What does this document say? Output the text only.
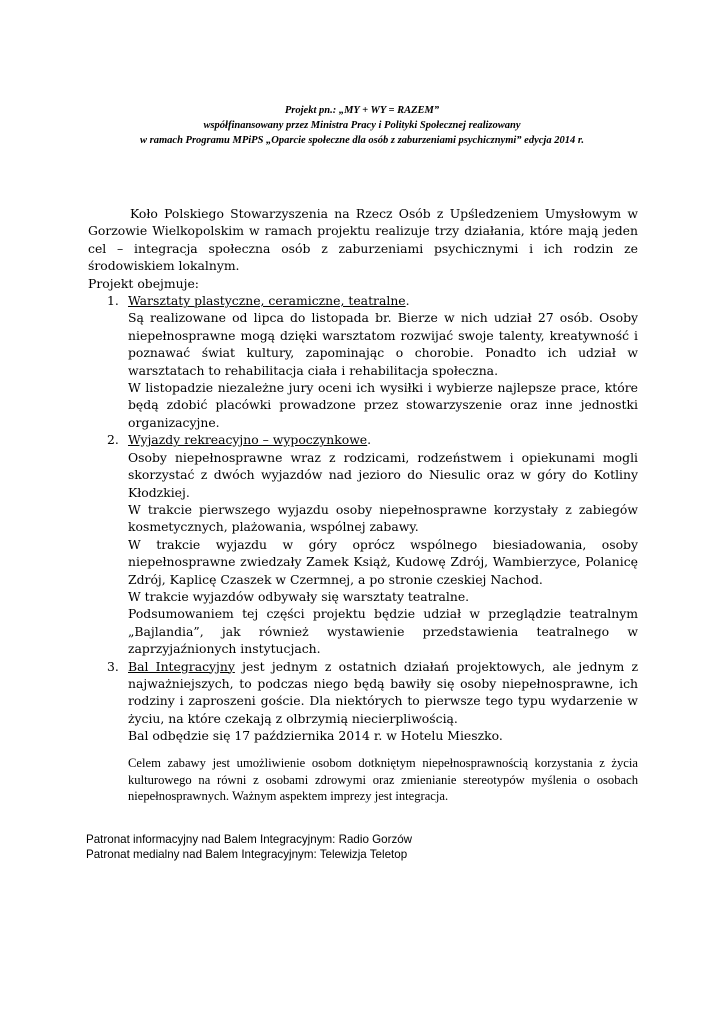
Projekt pn.: „MY + WY = RAZEM”
współfinansowany przez Ministra Pracy i Polityki Społecznej realizowany
w ramach Programu MPiPS „Oparcie społeczne dla osób z zaburzeniami psychicznymi” edycja 2014 r.

Koło Polskiego Stowarzyszenia na Rzecz Osób z Upśledzeniem Umysłowym w Gorzowie Wielkopolskim w ramach projektu realizuje trzy działania, które mają jeden cel – integracja społeczna osób z zaburzeniami psychicznymi i ich rodzin ze środowiskiem lokalnym.

Projekt obejmuje:

1. Warsztaty plastyczne, ceramiczne, teatralne.

Są realizowane od lipca do listopada br. Bierze w nich udział 27 osób. Osoby niepełnosprawne mogą dzięki warsztatom rozwijać swoje talenty, kreatywność i poznawać świat kultury, zapominając o chorobie. Ponadto ich udział w warsztatach to rehabilitacja ciała i rehabilitacja społeczna.

W listopadzie niezależne jury oceni ich wysiłki i wybierze najlepsze prace, które będą zdobić placówki prowadzone przez stowarzyszenie oraz inne jednostki organizacyjne.

2. Wyjazdy rekreacyjno – wypoczynkowe.

Osoby niepełnosprawne wraz z rodzicami, rodzeństwem i opiekunami mogli skorzystać z dwóch wyjazdów nad jezioro do Niesulic oraz w góry do Kotliny Kłodzkiej.

W trakcie pierwszego wyjazdu osoby niepełnosprawne korzystały z zabiegów kosmetycznych, plażowania, wspólnej zabawy.

W trakcie wyjazdu w góry oprócz wspólnego biesiadowania, osoby niepełnosprawne zwiedzały Zamek Książ, Kudowę Zdrój, Wambierzyce, Polanicę Zdrój, Kaplicę Czaszek w Czermnej, a po stronie czeskiej Nachod.

W trakcie wyjazdów odbywały się warsztaty teatralne.

Podsumowaniem tej części projektu będzie udział w przeglądzie teatralnym „Bajlandia”, jak również wystawienie przedstawienia teatralnego w zaprzyjaźnionych instytucjach.

3. Bal Integracyjny jest jednym z ostatnich działań projektowych, ale jednym z najważniejszych, to podczas niego będą bawiły się osoby niepełnosprawne, ich rodziny i zaproszeni goście. Dla niektórych to pierwsze tego typu wydarzenie w życiu, na które czekają z olbrzymią niecierpliwością.

Bal odbędzie się 17 października 2014 r. w Hotelu Mieszko.

Celem zabawy jest umożliwienie osobom dotkniętym niepełnosprawnością korzystania z życia kulturowego na równi z osobami zdrowymi oraz zmienianie stereotypów myślenia o osobach niepełnosprawnych. Ważnym aspektem imprezy jest integracja.

Patronat informacyjny nad Balem Integracyjnym: Radio Gorzów

Patronat medialny nad Balem Integracyjnym: Telewizja Teletop
